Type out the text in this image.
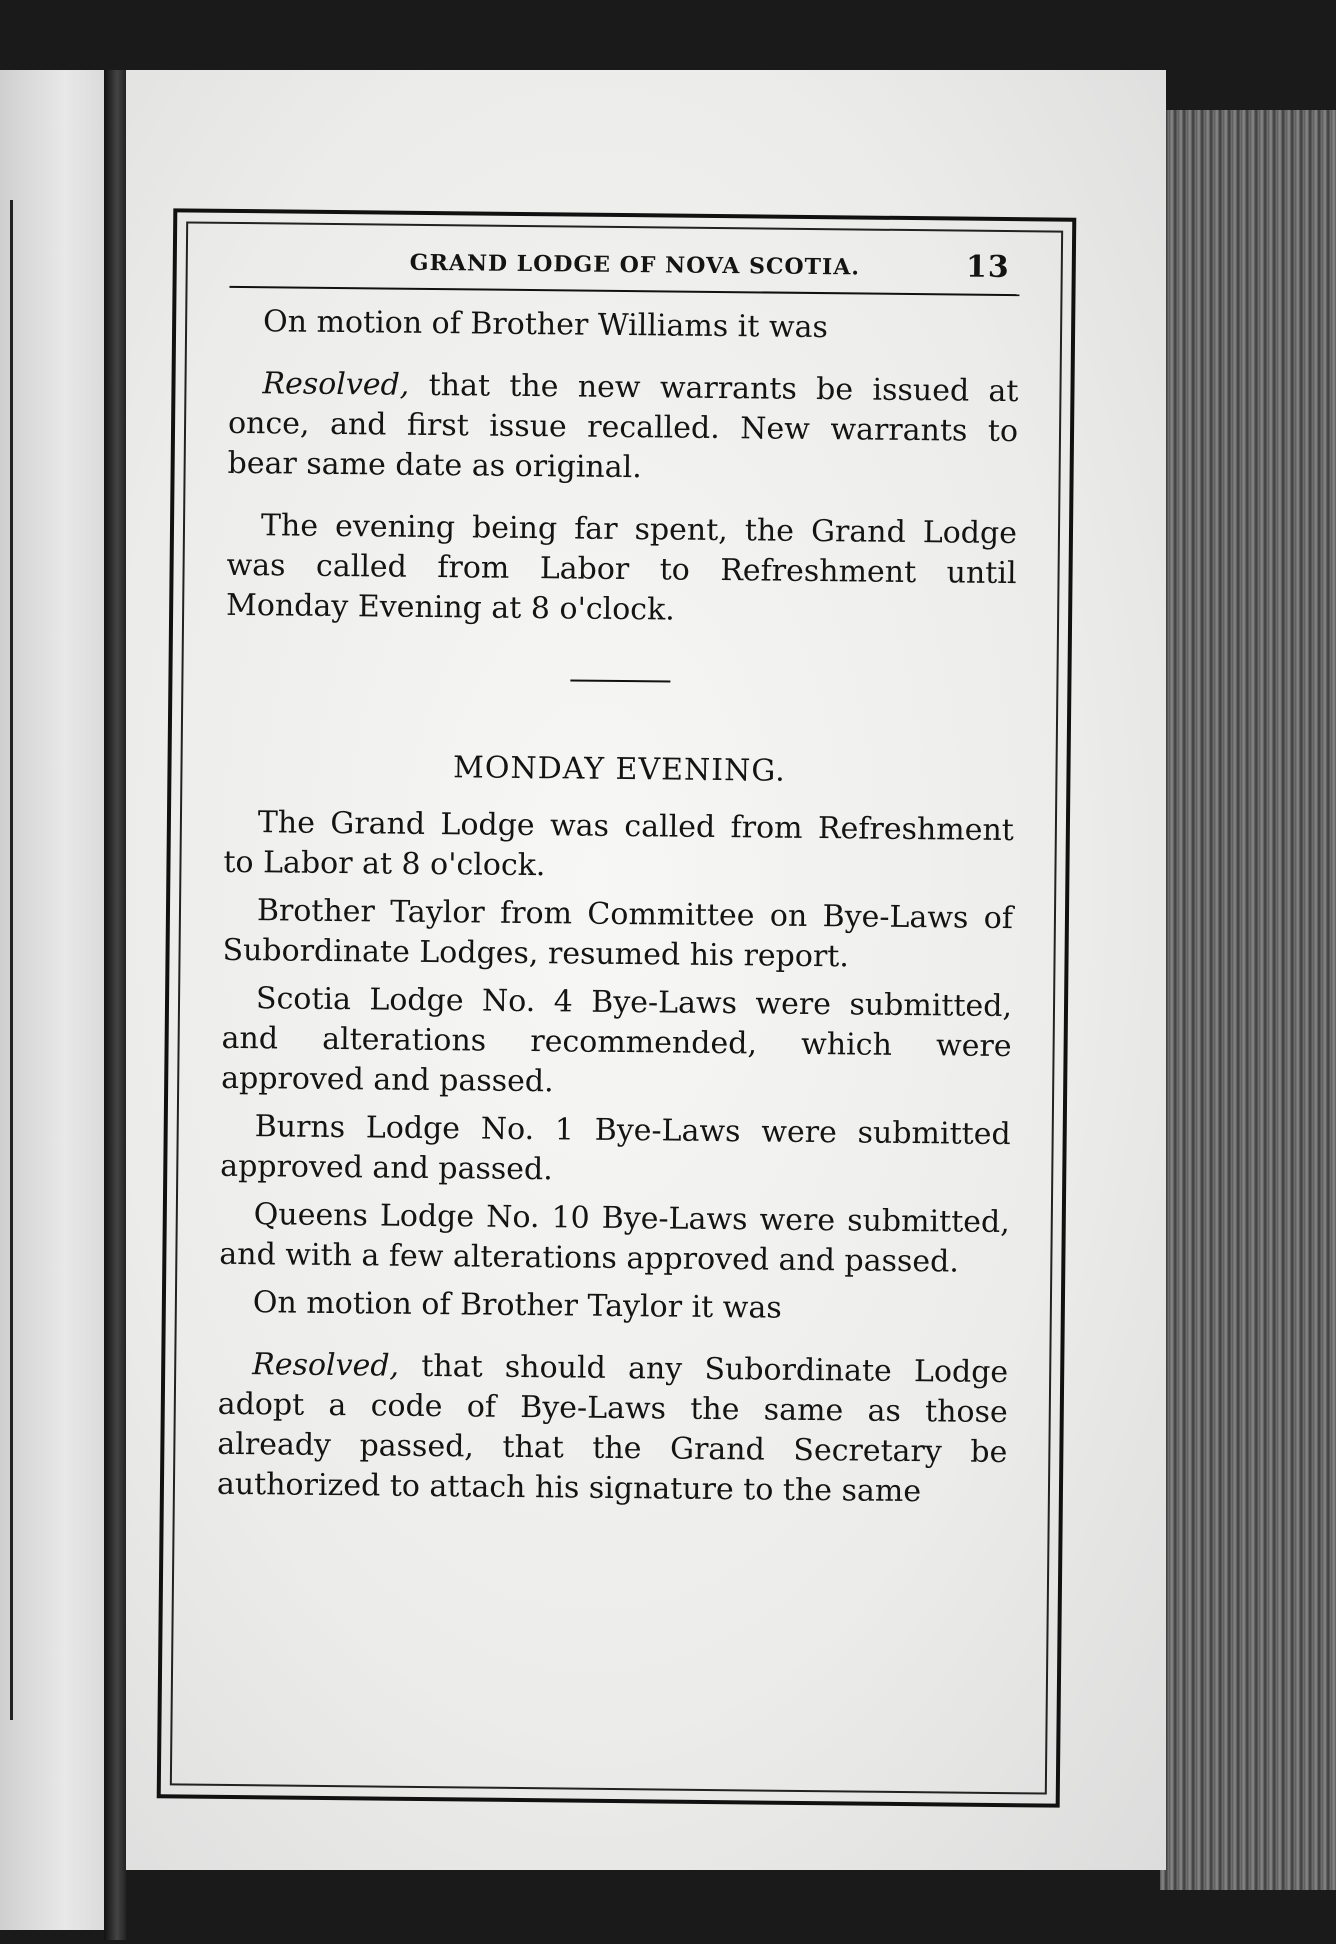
GRAND LODGE OF NOVA SCOTIA.	13

On motion of Brother Williams it was

Resolved, that the new warrants be issued at once, and first issue recalled. New warrants to bear same date as original.

The evening being far spent, the Grand Lodge was called from Labor to Refreshment until Monday Evening at 8 o'clock.

MONDAY EVENING.

The Grand Lodge was called from Refreshment to Labor at 8 o'clock.

Brother Taylor from Committee on Bye-Laws of Subordinate Lodges, resumed his report.

Scotia Lodge No. 4 Bye-Laws were submitted, and alterations recommended, which were approved and passed.

Burns Lodge No. 1 Bye-Laws were submitted approved and passed.

Queens Lodge No. 10 Bye-Laws were submitted, and with a few alterations approved and passed.

On motion of Brother Taylor it was

Resolved, that should any Subordinate Lodge adopt a code of Bye-Laws the same as those already passed, that the Grand Secretary be authorized to attach his signature to the same
